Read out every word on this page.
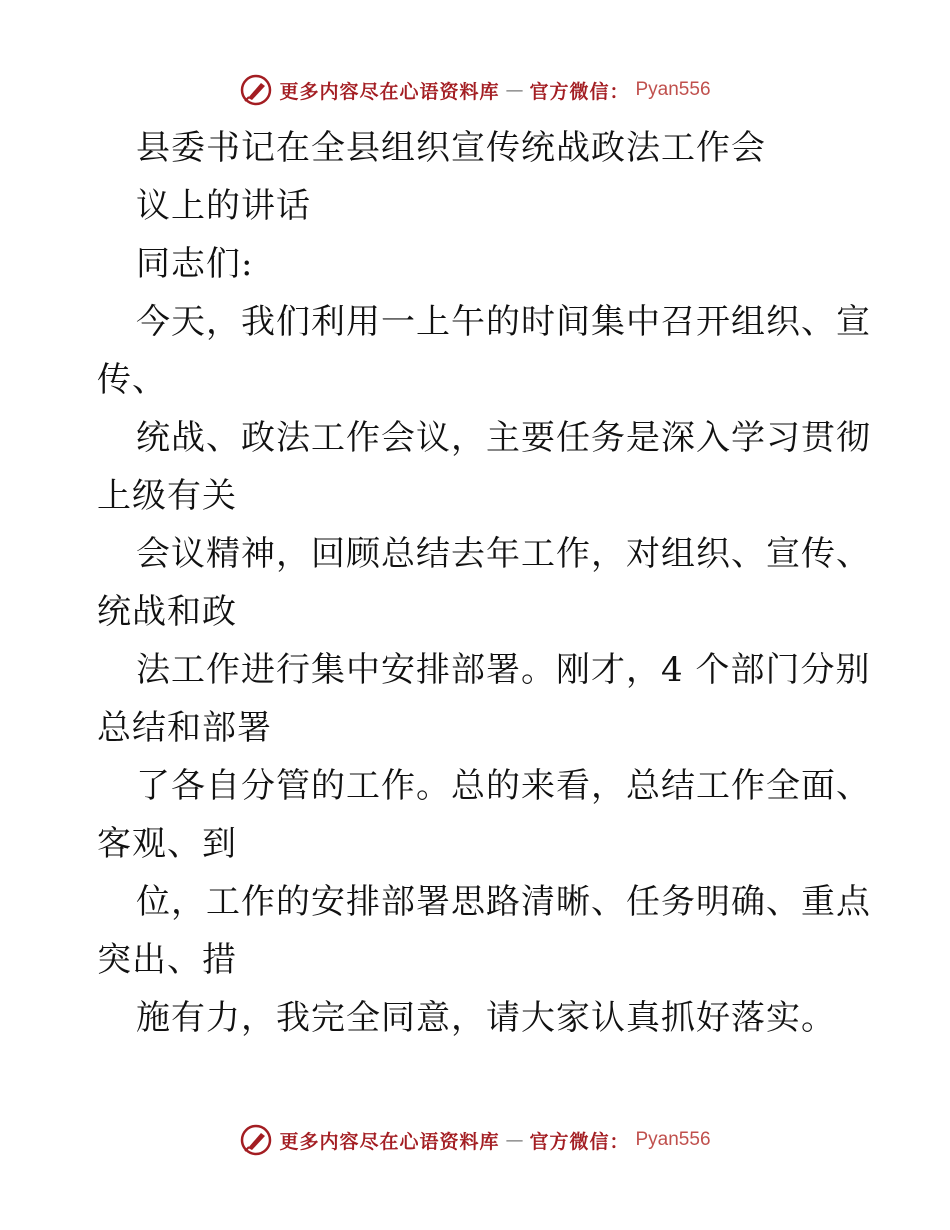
更多内容尽在心语资料库 — 官方微信： Pyan556
县委书记在全县组织宣传统战政法工作会
议上的讲话
同志们:
今天，我们利用一上午的时间集中召开组织、宣
传、
统战、政法工作会议，主要任务是深入学习贯彻
上级有关
会议精神，回顾总结去年工作，对组织、宣传、
统战和政
法工作进行集中安排部署。刚才，4 个部门分别
总结和部署
了各自分管的工作。总的来看，总结工作全面、
客观、到
位，工作的安排部署思路清晰、任务明确、重点
突出、措
施有力，我完全同意，请大家认真抓好落实。
更多内容尽在心语资料库 — 官方微信： Pyan556
